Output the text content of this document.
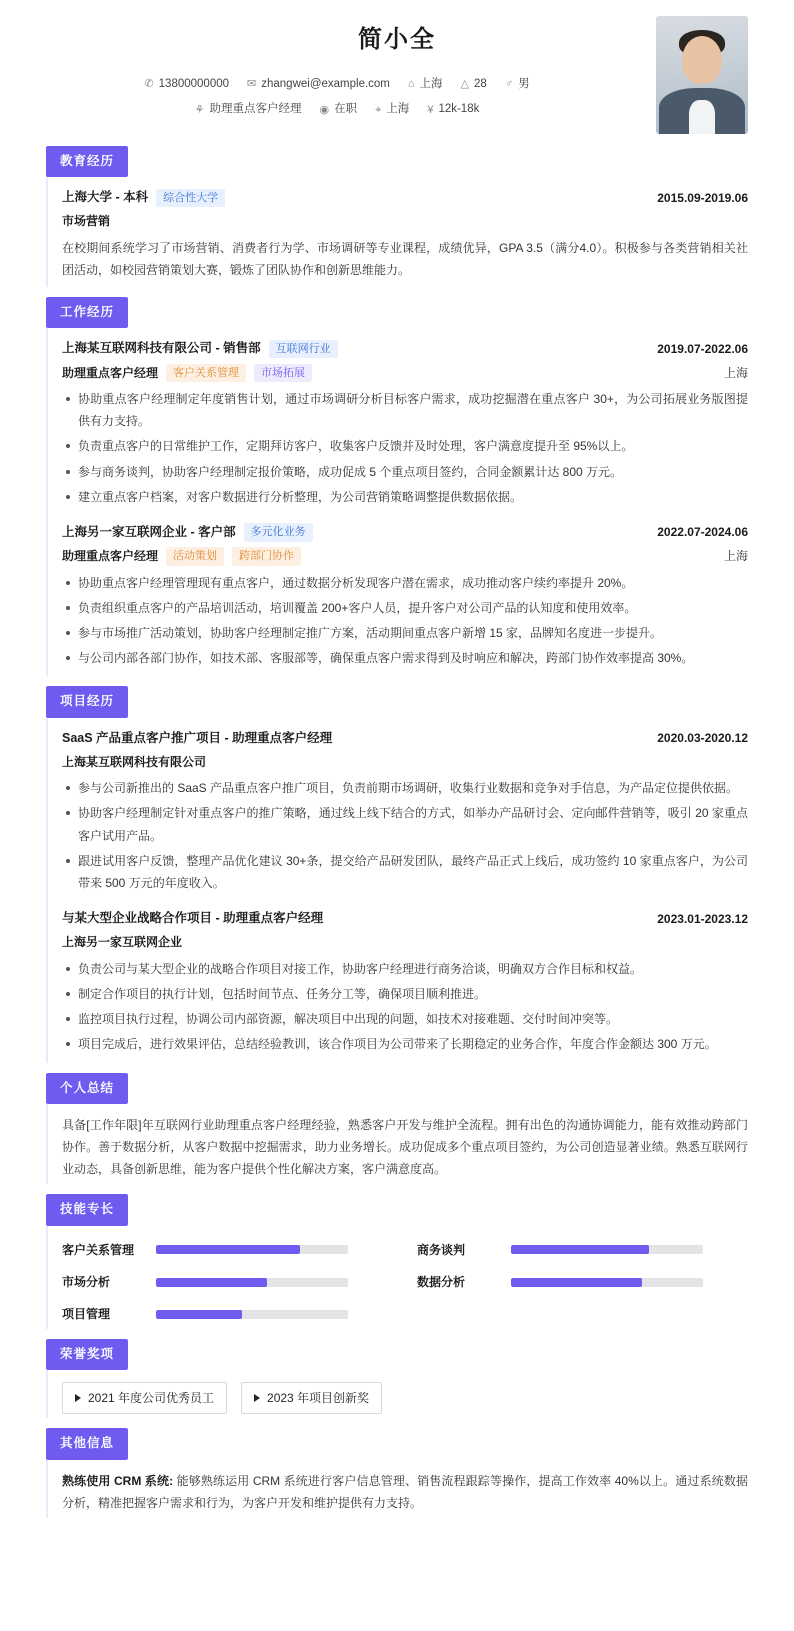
简小全
✆ 13800000000 ✉ zhangwei@example.com ⌂ 上海 △ 28 ♂ 男
⚘ 助理重点客户经理 ◉ 在职 ⌖ 上海 ¥ 12k-18k
教育经历
上海大学 - 本科	综合性大学	2015.09-2019.06
市场营销
在校期间系统学习了市场营销、消费者行为学、市场调研等专业课程，成绩优异，GPA 3.5（满分4.0）。积极参与各类营销相关社团活动，如校园营销策划大赛，锻炼了团队协作和创新思维能力。
工作经历
上海某互联网科技有限公司 - 销售部	互联网行业	2019.07-2022.06
助理重点客户经理	客户关系管理	市场拓展	上海
协助重点客户经理制定年度销售计划，通过市场调研分析目标客户需求，成功挖掘潜在重点客户 30+，为公司拓展业务版图提供有力支持。
负责重点客户的日常维护工作，定期拜访客户，收集客户反馈并及时处理，客户满意度提升至 95%以上。
参与商务谈判，协助客户经理制定报价策略，成功促成 5 个重点项目签约，合同金额累计达 800 万元。
建立重点客户档案，对客户数据进行分析整理，为公司营销策略调整提供数据依据。
上海另一家互联网企业 - 客户部	多元化业务	2022.07-2024.06
助理重点客户经理	活动策划	跨部门协作	上海
协助重点客户经理管理现有重点客户，通过数据分析发现客户潜在需求，成功推动客户续约率提升 20%。
负责组织重点客户的产品培训活动，培训覆盖 200+客户人员，提升客户对公司产品的认知度和使用效率。
参与市场推广活动策划，协助客户经理制定推广方案，活动期间重点客户新增 15 家，品牌知名度进一步提升。
与公司内部各部门协作，如技术部、客服部等，确保重点客户需求得到及时响应和解决，跨部门协作效率提高 30%。
项目经历
SaaS 产品重点客户推广项目 - 助理重点客户经理	2020.03-2020.12
上海某互联网科技有限公司
参与公司新推出的 SaaS 产品重点客户推广项目，负责前期市场调研，收集行业数据和竞争对手信息，为产品定位提供依据。
协助客户经理制定针对重点客户的推广策略，通过线上线下结合的方式，如举办产品研讨会、定向邮件营销等，吸引 20 家重点客户试用产品。
跟进试用客户反馈，整理产品优化建议 30+条，提交给产品研发团队，最终产品正式上线后，成功签约 10 家重点客户，为公司带来 500 万元的年度收入。
与某大型企业战略合作项目 - 助理重点客户经理	2023.01-2023.12
上海另一家互联网企业
负责公司与某大型企业的战略合作项目对接工作，协助客户经理进行商务洽谈，明确双方合作目标和权益。
制定合作项目的执行计划，包括时间节点、任务分工等，确保项目顺利推进。
监控项目执行过程，协调公司内部资源，解决项目中出现的问题，如技术对接难题、交付时间冲突等。
项目完成后，进行效果评估，总结经验教训，该合作项目为公司带来了长期稳定的业务合作，年度合作金额达 300 万元。
个人总结
具备[工作年限]年互联网行业助理重点客户经理经验，熟悉客户开发与维护全流程。拥有出色的沟通协调能力，能有效推动跨部门协作。善于数据分析，从客户数据中挖掘需求，助力业务增长。成功促成多个重点项目签约，为公司创造显著业绩。熟悉互联网行业动态，具备创新思维，能为客户提供个性化解决方案，客户满意度高。
技能专长
客户关系管理	商务谈判
市场分析	数据分析
项目管理
荣誉奖项
2021 年度公司优秀员工	2023 年项目创新奖
其他信息
熟练使用 CRM 系统: 能够熟练运用 CRM 系统进行客户信息管理、销售流程跟踪等操作，提高工作效率 40%以上。通过系统数据分析，精准把握客户需求和行为，为客户开发和维护提供有力支持。
